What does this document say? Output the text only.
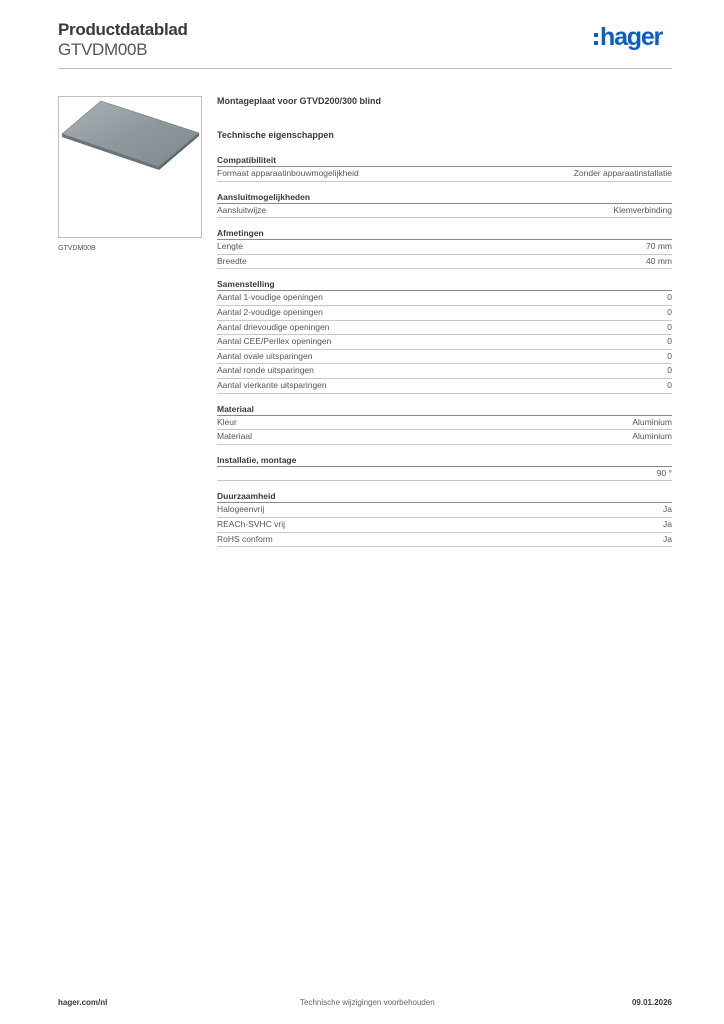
Productdatablad
GTVDM00B	hager
GTVDM00B
Montageplaat voor GTVD200/300 blind
Technische eigenschappen
Compatibiliteit
Formaat apparaatinbouwmogelijkheid	Zonder apparaatinstallatie
Aansluitmogelijkheden
Aansluitwijze	Klemverbinding
Afmetingen
Lengte	70 mm
Breedte	40 mm
Samenstelling
Aantal 1-voudige openingen	0
Aantal 2-voudige openingen	0
Aantal drievoudige openingen	0
Aantal CEE/Perilex openingen	0
Aantal ovale uitsparingen	0
Aantal ronde uitsparingen	0
Aantal vierkante uitsparingen	0
Materiaal
Kleur	Aluminium
Materiaal	Aluminium
Installatie, montage
90 °
Duurzaamheid
Halogeenvrij	Ja
REACh-SVHC vrij	Ja
RoHS conform	Ja
hager.com/nl	Technische wijzigingen voorbehouden	09.01.2026
